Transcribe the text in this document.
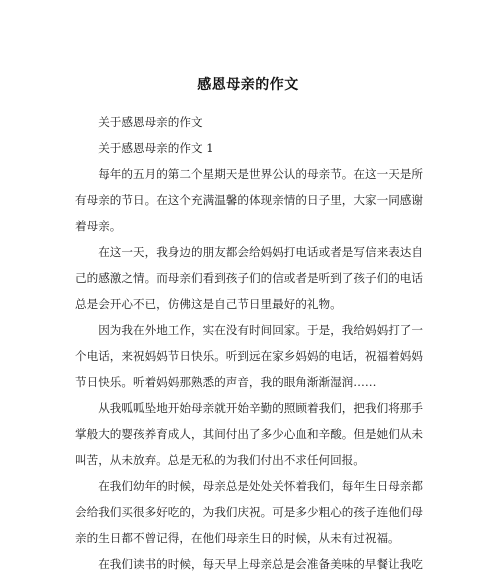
感恩母亲的作文

关于感恩母亲的作文

关于感恩母亲的作文 1

每年的五月的第二个星期天是世界公认的母亲节。在这一天是所有母亲的节日。在这个充满温馨的体现亲情的日子里，大家一同感谢着母亲。

在这一天，我身边的朋友都会给妈妈打电话或者是写信来表达自己的感激之情。而母亲们看到孩子们的信或者是听到了孩子们的电话总是会开心不已，仿佛这是自己节日里最好的礼物。

因为我在外地工作，实在没有时间回家。于是，我给妈妈打了一个电话，来祝妈妈节日快乐。听到远在家乡妈妈的电话，祝福着妈妈节日快乐。听着妈妈那熟悉的声音，我的眼角渐渐湿润……

从我呱呱坠地开始母亲就开始辛勤的照顾着我们，把我们将那手掌般大的婴孩养育成人，其间付出了多少心血和辛酸。但是她们从未叫苦，从未放弃。总是无私的为我们付出不求任何回报。

在我们幼年的时候，母亲总是处处关怀着我们，每年生日母亲都会给我们买很多好吃的，为我们庆祝。可是多少粗心的孩子连他们母亲的生日都不曾记得，在他们母亲生日的时候，从未有过祝福。

在我们读书的时候，每天早上母亲总是会准备美味的早餐让我吃
